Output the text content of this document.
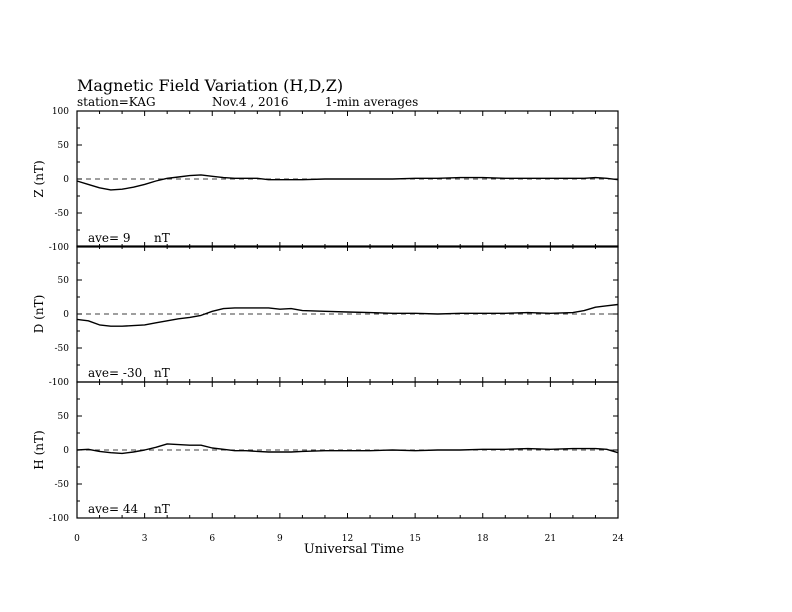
Magnetic Field Variation (H,D,Z)
station=KAG	Nov.4 , 2016	1-min averages
-100
-50
0
50
100
Z (nT)
ave= 9 nT
-100
-50
0
50
D (nT)
ave= -30 nT
-100
-50
0
50
H (nT)
ave= 44 nT
0	3	6	9	12	15	18	21	24
Universal Time
